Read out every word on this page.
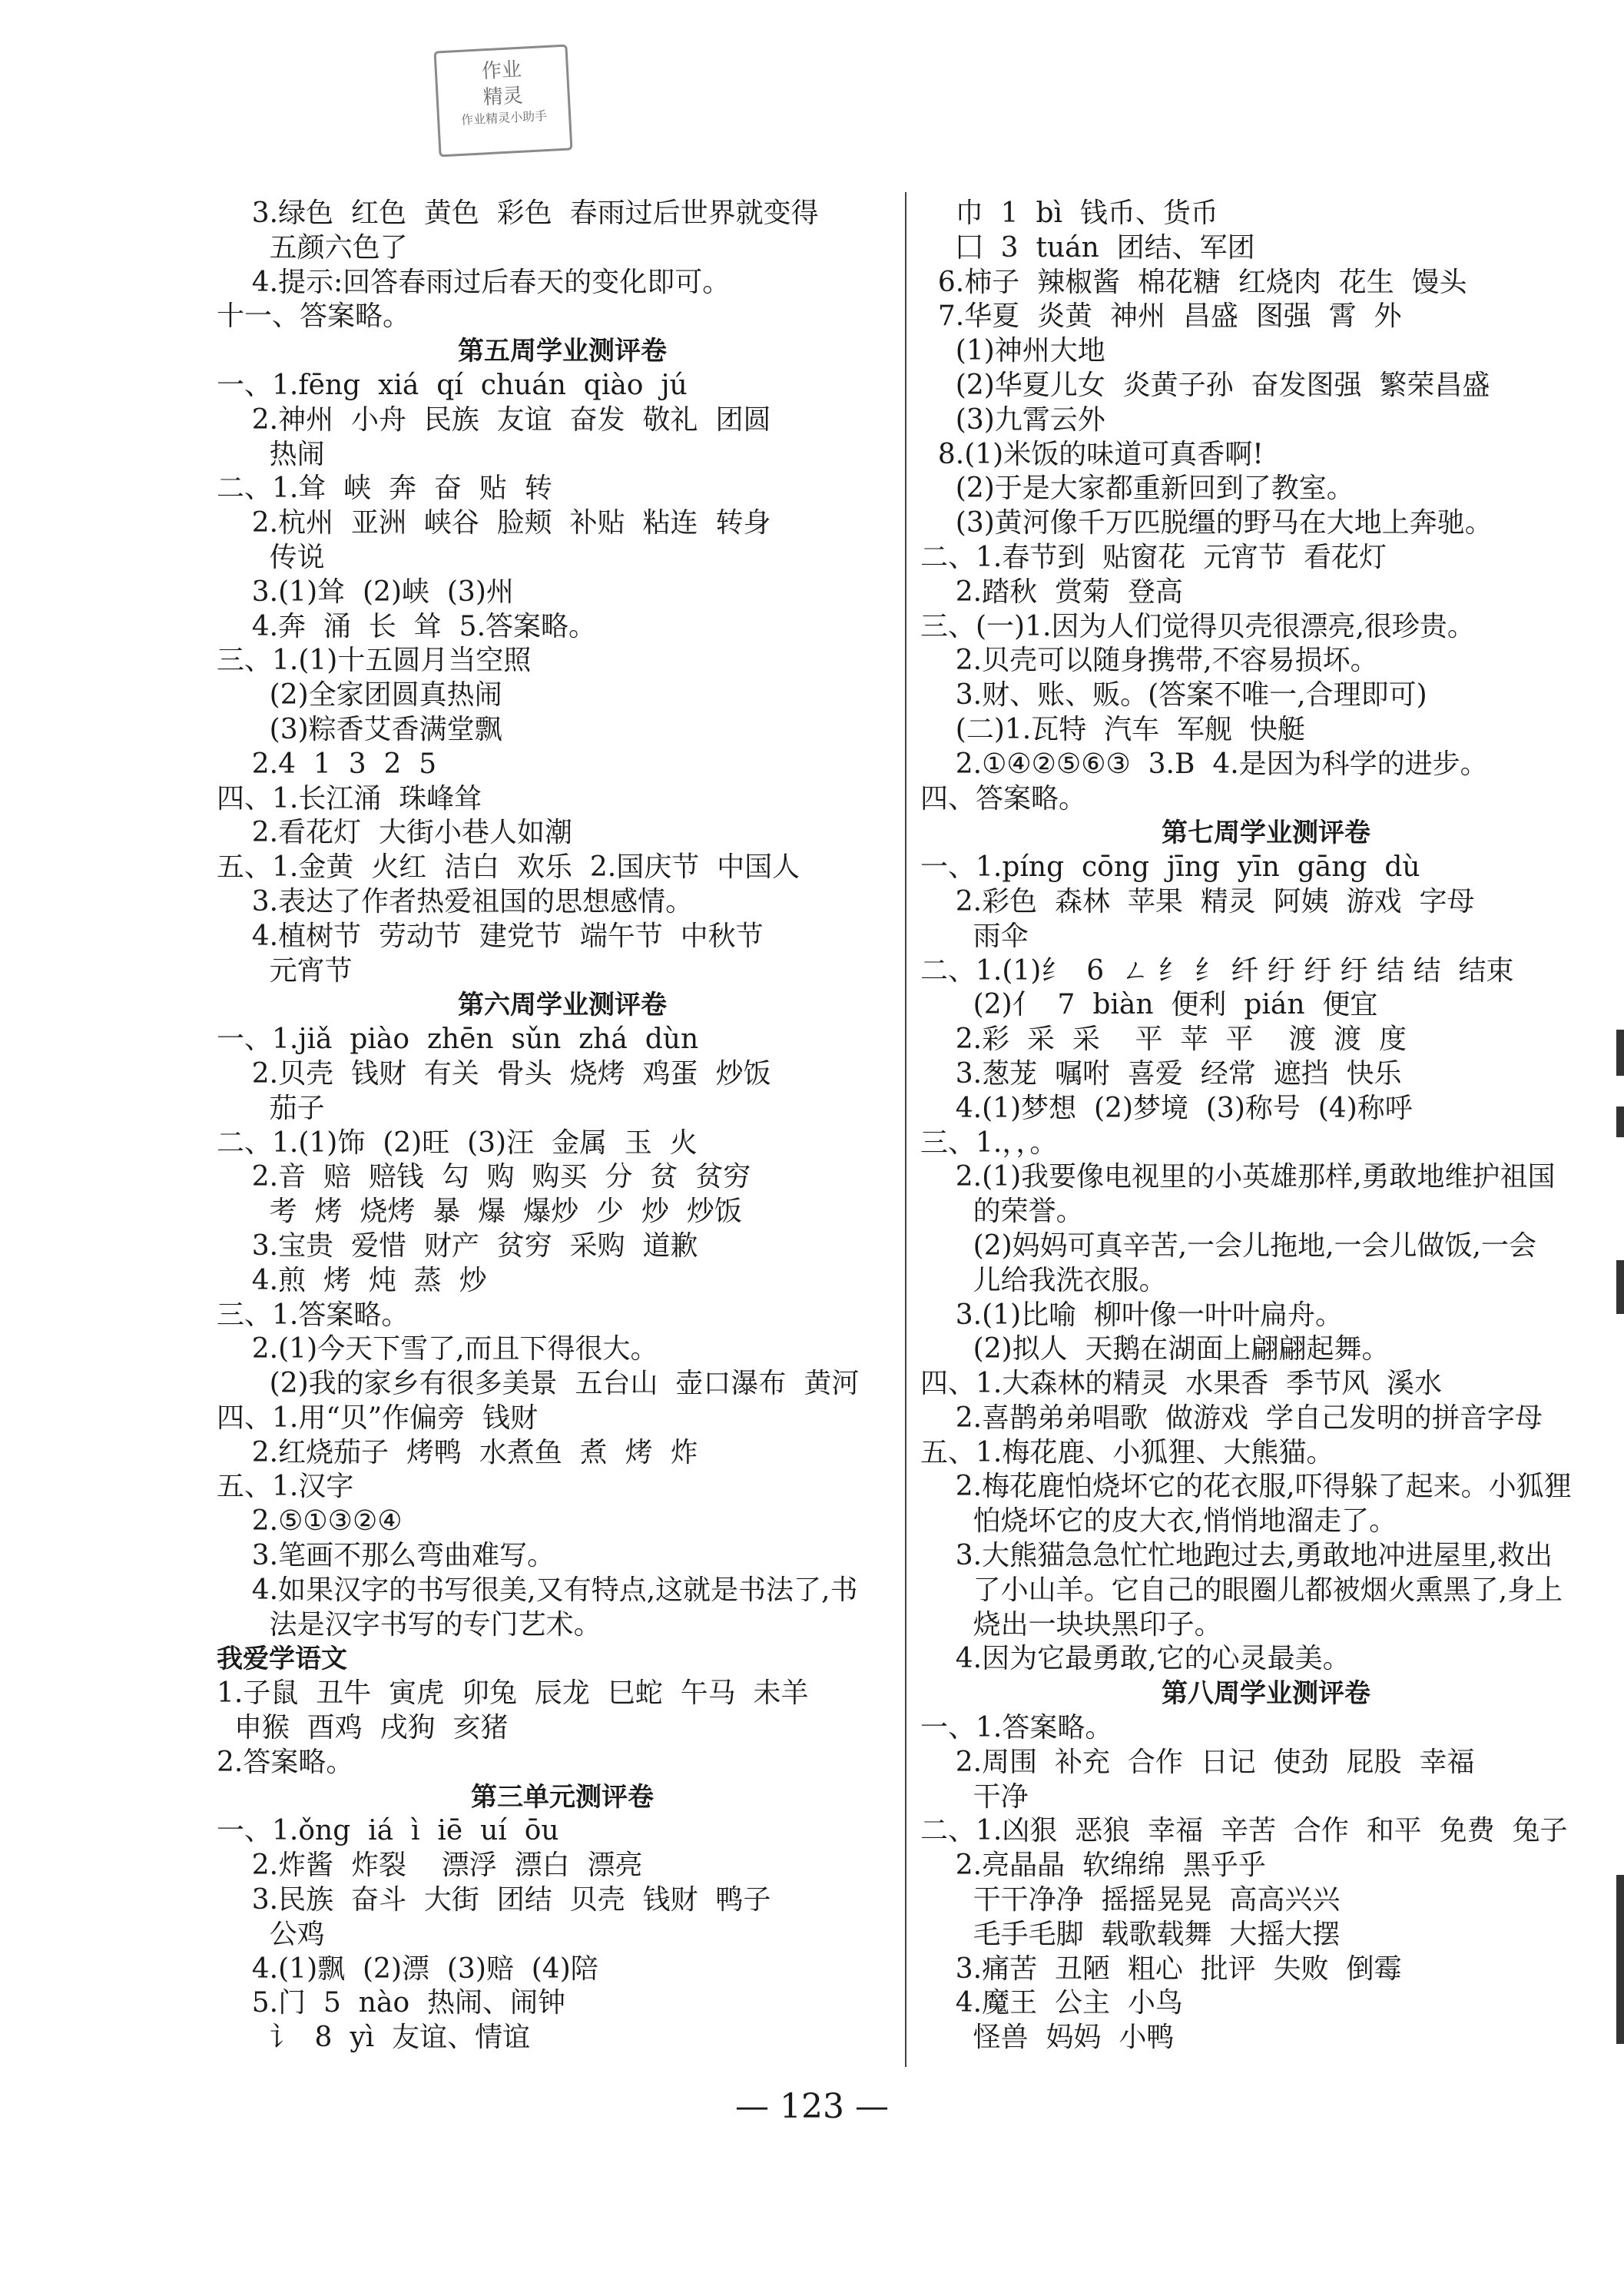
作业
精灵
作业精灵小助手
3.绿色  红色  黄色  彩色  春雨过后世界就变得
五颜六色了
4.提示:回答春雨过后春天的变化即可。
十一、答案略。
第五周学业测评卷
一、1.fēng  xiá  qí  chuán  qiào  jú
2.神州  小舟  民族  友谊  奋发  敬礼  团圆
热闹
二、1.耸  峡  奔  奋  贴  转
2.杭州  亚洲  峡谷  脸颊  补贴  粘连  转身
传说
3.(1)耸  (2)峡  (3)州
4.奔  涌  长  耸  5.答案略。
三、1.(1)十五圆月当空照
(2)全家团圆真热闹
(3)粽香艾香满堂飘
2.4  1  3  2  5
四、1.长江涌  珠峰耸
2.看花灯  大街小巷人如潮
五、1.金黄  火红  洁白  欢乐  2.国庆节  中国人
3.表达了作者热爱祖国的思想感情。
4.植树节  劳动节  建党节  端午节  中秋节
元宵节
第六周学业测评卷
一、1.jiǎ  piào  zhēn  sǔn  zhá  dùn
2.贝壳  钱财  有关  骨头  烧烤  鸡蛋  炒饭
茄子
二、1.(1)饰  (2)旺  (3)汪  金属  玉  火
2.音  赔  赔钱  勾  购  购买  分  贫  贫穷
考  烤  烧烤  暴  爆  爆炒  少  炒  炒饭
3.宝贵  爱惜  财产  贫穷  采购  道歉
4.煎  烤  炖  蒸  炒
三、1.答案略。
2.(1)今天下雪了,而且下得很大。
(2)我的家乡有很多美景  五台山  壶口瀑布  黄河
四、1.用“贝”作偏旁  钱财
2.红烧茄子  烤鸭  水煮鱼  煮  烤  炸
五、1.汉字
2.⑤①③②④
3.笔画不那么弯曲难写。
4.如果汉字的书写很美,又有特点,这就是书法了,书
法是汉字书写的专门艺术。
我爱学语文
1.子鼠  丑牛  寅虎  卯兔  辰龙  巳蛇  午马  未羊
申猴  酉鸡  戌狗  亥猪
2.答案略。
第三单元测评卷
一、1.ǒng  iá  ì  iē  uí  ōu
2.炸酱  炸裂    漂浮  漂白  漂亮
3.民族  奋斗  大街  团结  贝壳  钱财  鸭子
公鸡
4.(1)飘  (2)漂  (3)赔  (4)陪
5.门  5  nào  热闹、闹钟
讠  8  yì  友谊、情谊
巾  1  bì  钱币、货币
囗  3  tuán  团结、军团
6.柿子  辣椒酱  棉花糖  红烧肉  花生  馒头
7.华夏  炎黄  神州  昌盛  图强  霄  外
(1)神州大地
(2)华夏儿女  炎黄子孙  奋发图强  繁荣昌盛
(3)九霄云外
8.(1)米饭的味道可真香啊!
(2)于是大家都重新回到了教室。
(3)黄河像千万匹脱缰的野马在大地上奔驰。
二、1.春节到  贴窗花  元宵节  看花灯
2.踏秋  赏菊  登高
三、(一)1.因为人们觉得贝壳很漂亮,很珍贵。
2.贝壳可以随身携带,不容易损坏。
3.财、账、贩。(答案不唯一,合理即可)
(二)1.瓦特  汽车  军舰  快艇
2.①④②⑤⑥③  3.B  4.是因为科学的进步。
四、答案略。
第七周学业测评卷
一、1.píng  cōng  jīng  yīn  gāng  dù
2.彩色  森林  苹果  精灵  阿姨  游戏  字母
雨伞
二、1.(1)纟  6  ㄥ 纟 纟 纤 纡 纡 纡 结 结  结束
(2)亻  7  biàn  便利  pián  便宜
2.彩  采  采    平  苹  平    渡  渡  度
3.葱茏  嘱咐  喜爱  经常  遮挡  快乐
4.(1)梦想  (2)梦境  (3)称号  (4)称呼
三、1.，，。
2.(1)我要像电视里的小英雄那样,勇敢地维护祖国
的荣誉。
(2)妈妈可真辛苦,一会儿拖地,一会儿做饭,一会
儿给我洗衣服。
3.(1)比喻  柳叶像一叶叶扁舟。
(2)拟人  天鹅在湖面上翩翩起舞。
四、1.大森林的精灵  水果香  季节风  溪水
2.喜鹊弟弟唱歌  做游戏  学自己发明的拼音字母
五、1.梅花鹿、小狐狸、大熊猫。
2.梅花鹿怕烧坏它的花衣服,吓得躲了起来。小狐狸
怕烧坏它的皮大衣,悄悄地溜走了。
3.大熊猫急急忙忙地跑过去,勇敢地冲进屋里,救出
了小山羊。它自己的眼圈儿都被烟火熏黑了,身上
烧出一块块黑印子。
4.因为它最勇敢,它的心灵最美。
第八周学业测评卷
一、1.答案略。
2.周围  补充  合作  日记  使劲  屁股  幸福
干净
二、1.凶狠  恶狼  幸福  辛苦  合作  和平  免费  兔子
2.亮晶晶  软绵绵  黑乎乎
干干净净  摇摇晃晃  高高兴兴
毛手毛脚  载歌载舞  大摇大摆
3.痛苦  丑陋  粗心  批评  失败  倒霉
4.魔王  公主  小鸟
怪兽  妈妈  小鸭
— 123 —
